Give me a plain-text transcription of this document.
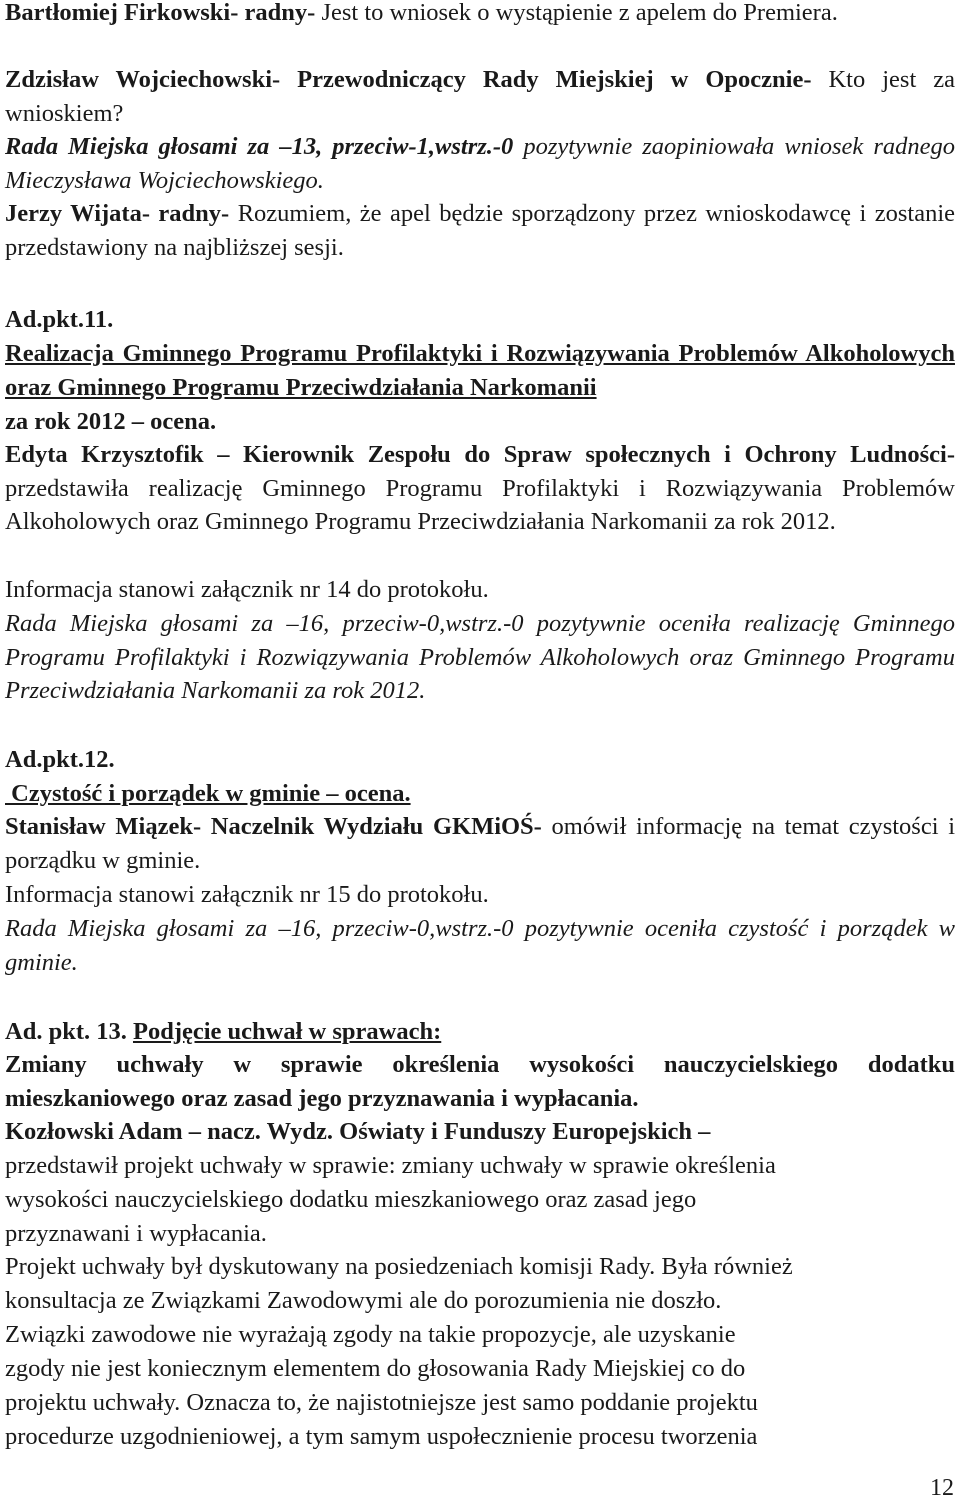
Bartłomiej Firkowski- radny- Jest to wniosek o wystąpienie z apelem do Premiera.

Zdzisław Wojciechowski- Przewodniczący Rady Miejskiej w Opocznie- Kto jest za wnioskiem?

Rada Miejska głosami za –13, przeciw-1,wstrz.-0 pozytywnie zaopiniowała wniosek radnego Mieczysława Wojciechowskiego.

Jerzy Wijata- radny- Rozumiem, że apel będzie sporządzony przez wnioskodawcę i zostanie przedstawiony na najbliższej sesji.

Ad.pkt.11.

Realizacja Gminnego Programu Profilaktyki i Rozwiązywania Problemów Alkoholowych oraz Gminnego Programu Przeciwdziałania Narkomanii

za rok 2012 – ocena.

Edyta Krzysztofik – Kierownik Zespołu do Spraw społecznych i Ochrony Ludności- przedstawiła realizację Gminnego Programu Profilaktyki i Rozwiązywania Problemów Alkoholowych oraz Gminnego Programu Przeciwdziałania Narkomanii za rok 2012.

Informacja stanowi załącznik nr 14 do protokołu.

Rada Miejska głosami za –16, przeciw-0,wstrz.-0 pozytywnie oceniła realizację Gminnego Programu Profilaktyki i Rozwiązywania Problemów Alkoholowych oraz Gminnego Programu Przeciwdziałania Narkomanii za rok 2012.

Ad.pkt.12.

Czystość i porządek w gminie – ocena.

Stanisław Miązek- Naczelnik Wydziału GKMiOŚ- omówił informację na temat czystości i porządku w gminie.

Informacja stanowi załącznik nr 15 do protokołu.

Rada Miejska głosami za –16, przeciw-0,wstrz.-0 pozytywnie oceniła czystość i porządek w gminie.

Ad. pkt. 13. Podjęcie uchwał w sprawach:

Zmiany uchwały w sprawie określenia wysokości nauczycielskiego dodatku mieszkaniowego oraz zasad jego przyznawania i wypłacania.

Kozłowski Adam – nacz. Wydz. Oświaty i Funduszy Europejskich –

przedstawił projekt uchwały w sprawie: zmiany uchwały w sprawie określenia

wysokości nauczycielskiego dodatku mieszkaniowego oraz zasad jego

przyznawani i wypłacania.

Projekt uchwały był dyskutowany na posiedzeniach komisji Rady. Była również

konsultacja ze Związkami Zawodowymi ale do porozumienia nie doszło.

Związki zawodowe nie wyrażają zgody na takie propozycje, ale uzyskanie

zgody nie jest koniecznym elementem do głosowania Rady Miejskiej co do

projektu uchwały. Oznacza to, że najistotniejsze jest samo poddanie projektu

procedurze uzgodnieniowej, a tym samym uspołecznienie procesu tworzenia

12
